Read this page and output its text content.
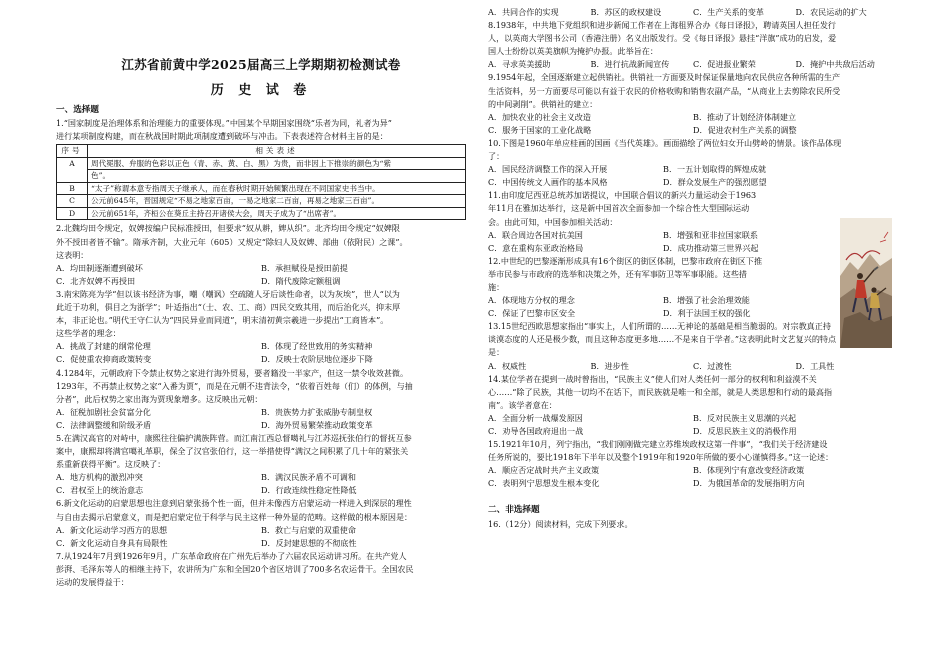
江苏省前黄中学2025届高三上学期期初检测试卷
历 史 试 卷
一、选择题
1.“国家制度是治理体系和治理能力的重要体现。”中国某个早期国家围绕“乐者为同，礼者为异”
进行某项制度构建，而在秋战国时期此项制度遭到破坏与冲击。下表表述符合材料主旨的是：
序号	相关表述
A	周代冕服、弁服的色彩以正色（青、赤、黄、白、黑）为贵，而非因上下推崇的颜色为“紫
	色”。
B	“太子”称谓本意专指周天子继承人，而在春秋时期开始频繁出现在不同国家史书当中。
C	公元前645年，晋国规定“不易之地家百亩，一易之地家二百亩，再易之地家三百亩”。
D	公元前651年，齐桓公在葵丘主持召开诸侯大会，周天子成为了“出席者”。
2.北魏均田令规定，奴婢按编户民标准授田，但要求“奴从耕，婢从织”。北齐均田令规定“奴婢限
外不授田者皆不输”。隋承齐制，大业元年（605）又规定“除妇人及奴婢、部曲（依附民）之课”。
这表明：
A．均田制逐渐遭到破坏	B．承担赋役是授田前提
C．北齐奴婢不再授田	D．隋代废除定额租调
3.南宋陈亮为学“但以该书经济为事，嘲（嘲讽）空疏随人牙后谈性命者，以为灰埃”，世人“以为
此近于功利，俱目之为浙学”；叶适指出“（士、农、工、商）四民交致其用，而后治化兴，抑末厚
本，非正论也。”明代王守仁认为“四民异业而同道”，明末清初黄宗羲进一步提出“工商皆本”。
这些学者的理念：
A．挑战了封建的纲常伦理	B．体现了经世致用的务实精神
C．促使重农抑商政策转变	D．反映士农阶层地位逐步下降
4.1284年，元朝政府下令禁止权势之家进行海外贸易，要者籍没一半家产，但这一禁令收效甚微。
1293年，不再禁止权势之家“入番为贾”，而是在元朝不违背法令，“依着百姓每（们）的体例，与抽
分者”，此后权势之家出海为贾现象增多。这反映出元朝：
A．征税加剧社会贫富分化	B．贵族势力扩张威胁专制皇权
C．法律调整缓和阶级矛盾	D．海外贸易繁荣推动政策变革
5.在满汉高官的对峙中，康熙往往偏护满族阵营。而江南江西总督噶礼与江苏巡抚张伯行的督抚互参
案中，康熙却将满官噶礼革职，保全了汉官张伯行，这一举措使得“满汉之间积累了几十年的紧张关
系重新获得平衡”。这反映了：
A．地方机构的激烈冲突	B．满汉民族矛盾不可调和
C．君权至上的统治意志	D．行政连续性稳定性降低
6.新文化运动的启蒙思想也注意到启蒙张扬个性一面，但并未像西方启蒙运动一样进入到深层的理性
与自由去揭示启蒙意义，而是把启蒙定位于科学与民主这样一种外显的范畴。这样做的根本原因是：
A．新文化运动学习西方的思想	B．救亡与启蒙的双重使命
C．新文化运动自身具有局限性	D．反封建思想的不彻底性
7.从1924年7月到1926年9月，广东革命政府在广州先后举办了六届农民运动讲习所。在共产党人
彭湃、毛泽东等人的相继主持下，农讲所为广东和全国20个省区培训了700多名农运骨干。全国农民
运动的发展得益于：
A．共同合作的实现	B．苏区的政权建设	C．生产关系的变革	D．农民运动的扩大
8.1938年，中共地下党组织和进步新闻工作者在上海租界合办《每日译报》，聘请英国人担任发行
人，以英商大学图书公司（香港注册）名义出版发行。受《每日译报》悬挂“洋旗”成功的启发，爱
国人士纷纷以英美旗帜为掩护办报。此举旨在：
A．寻求英美援助	B．进行抗战新闻宣传	C．促进报业繁荣	D．掩护中共敌后活动
9.1954年起，全国逐渐建立起供销社。供销社一方面要及时保证保量地向农民供应各种所需的生产
生活资料，另一方面要尽可能以有益于农民的价格收购和销售农副产品，“从商业上去剪除农民所受
的中间剥削”。供销社的建立：
A．加快农业的社会主义改造	B．推动了计划经济体制建立
C．服务于国家的工业化战略	D．促进农村生产关系的调整
10.下图是1960年单应桂画的国画《当代英雄》。画面描绘了两位妇女开山劈岭的情景。该作品体现
了：
A．国民经济调整工作的深入开展	B．一五计划取得的辉煌成就
C．中国传统文人画作的基本风格	D．群众发展生产的强烈愿望
11.由印度尼西亚总统苏加诺提议，中国联合倡议的新兴力量运动会于1963
年11月在雅加达举行，这是新中国首次全面参加一个综合性大型国际运动
会。由此可知，中国参加相关活动：
A．联合周边各国对抗美国	B．增强和亚非拉国家联系
C．意在重构东亚政治格局	D．成功推动第三世界兴起
12.中世纪的巴黎逐渐形成具有16个街区的街区体制，巴黎市政府在街区下推
举市民参与市政府的选举和决策之外，还有军事防卫等军事职能。这些措
施：
A．体现地方分权的理念	B．增强了社会治理效能
C．保证了巴黎市区安全	D．利于法国王权的强化
13.15世纪西欧思想家指出“事实上，人们所谓的……无神论的基础是相当脆弱的。对宗教真正持
谈漠态度的人还是极少数，而且这种态度更多地……不是来自于学者。”这表明此时文艺复兴的特点
是：
A．权威性	B．进步性	C．过渡性	D．工具性
14.某位学者在提到一战时曾指出，“民族主义”使人们对人类任何一部分的权利和利益漠不关
心……“除了民族，其他一切均不在话下，而民族就是唯一和全部，就是人类思想和行动的最高指
南”。该学者意在：
A．全面分析一战爆发原因	B．反对民族主义思潮的兴起
C．劝导各国政府退出一战	D．反思民族主义的消极作用
15.1921年10月，列宁指出，“我们刚刚做完建立苏维埃政权这第一件事”，“我们关于经济建设
任务所说的，要比1918年下半年以及整个1919年和1920年所做的要小心谨慎得多。”这一论述：
A．顺应否定战时共产主义政策	B．体现列宁有意改变经济政策
C．表明列宁思想发生根本变化	D．为俄国革命的发展指明方向
二、非选择题
16.（12分）阅读材料，完成下列要求。
